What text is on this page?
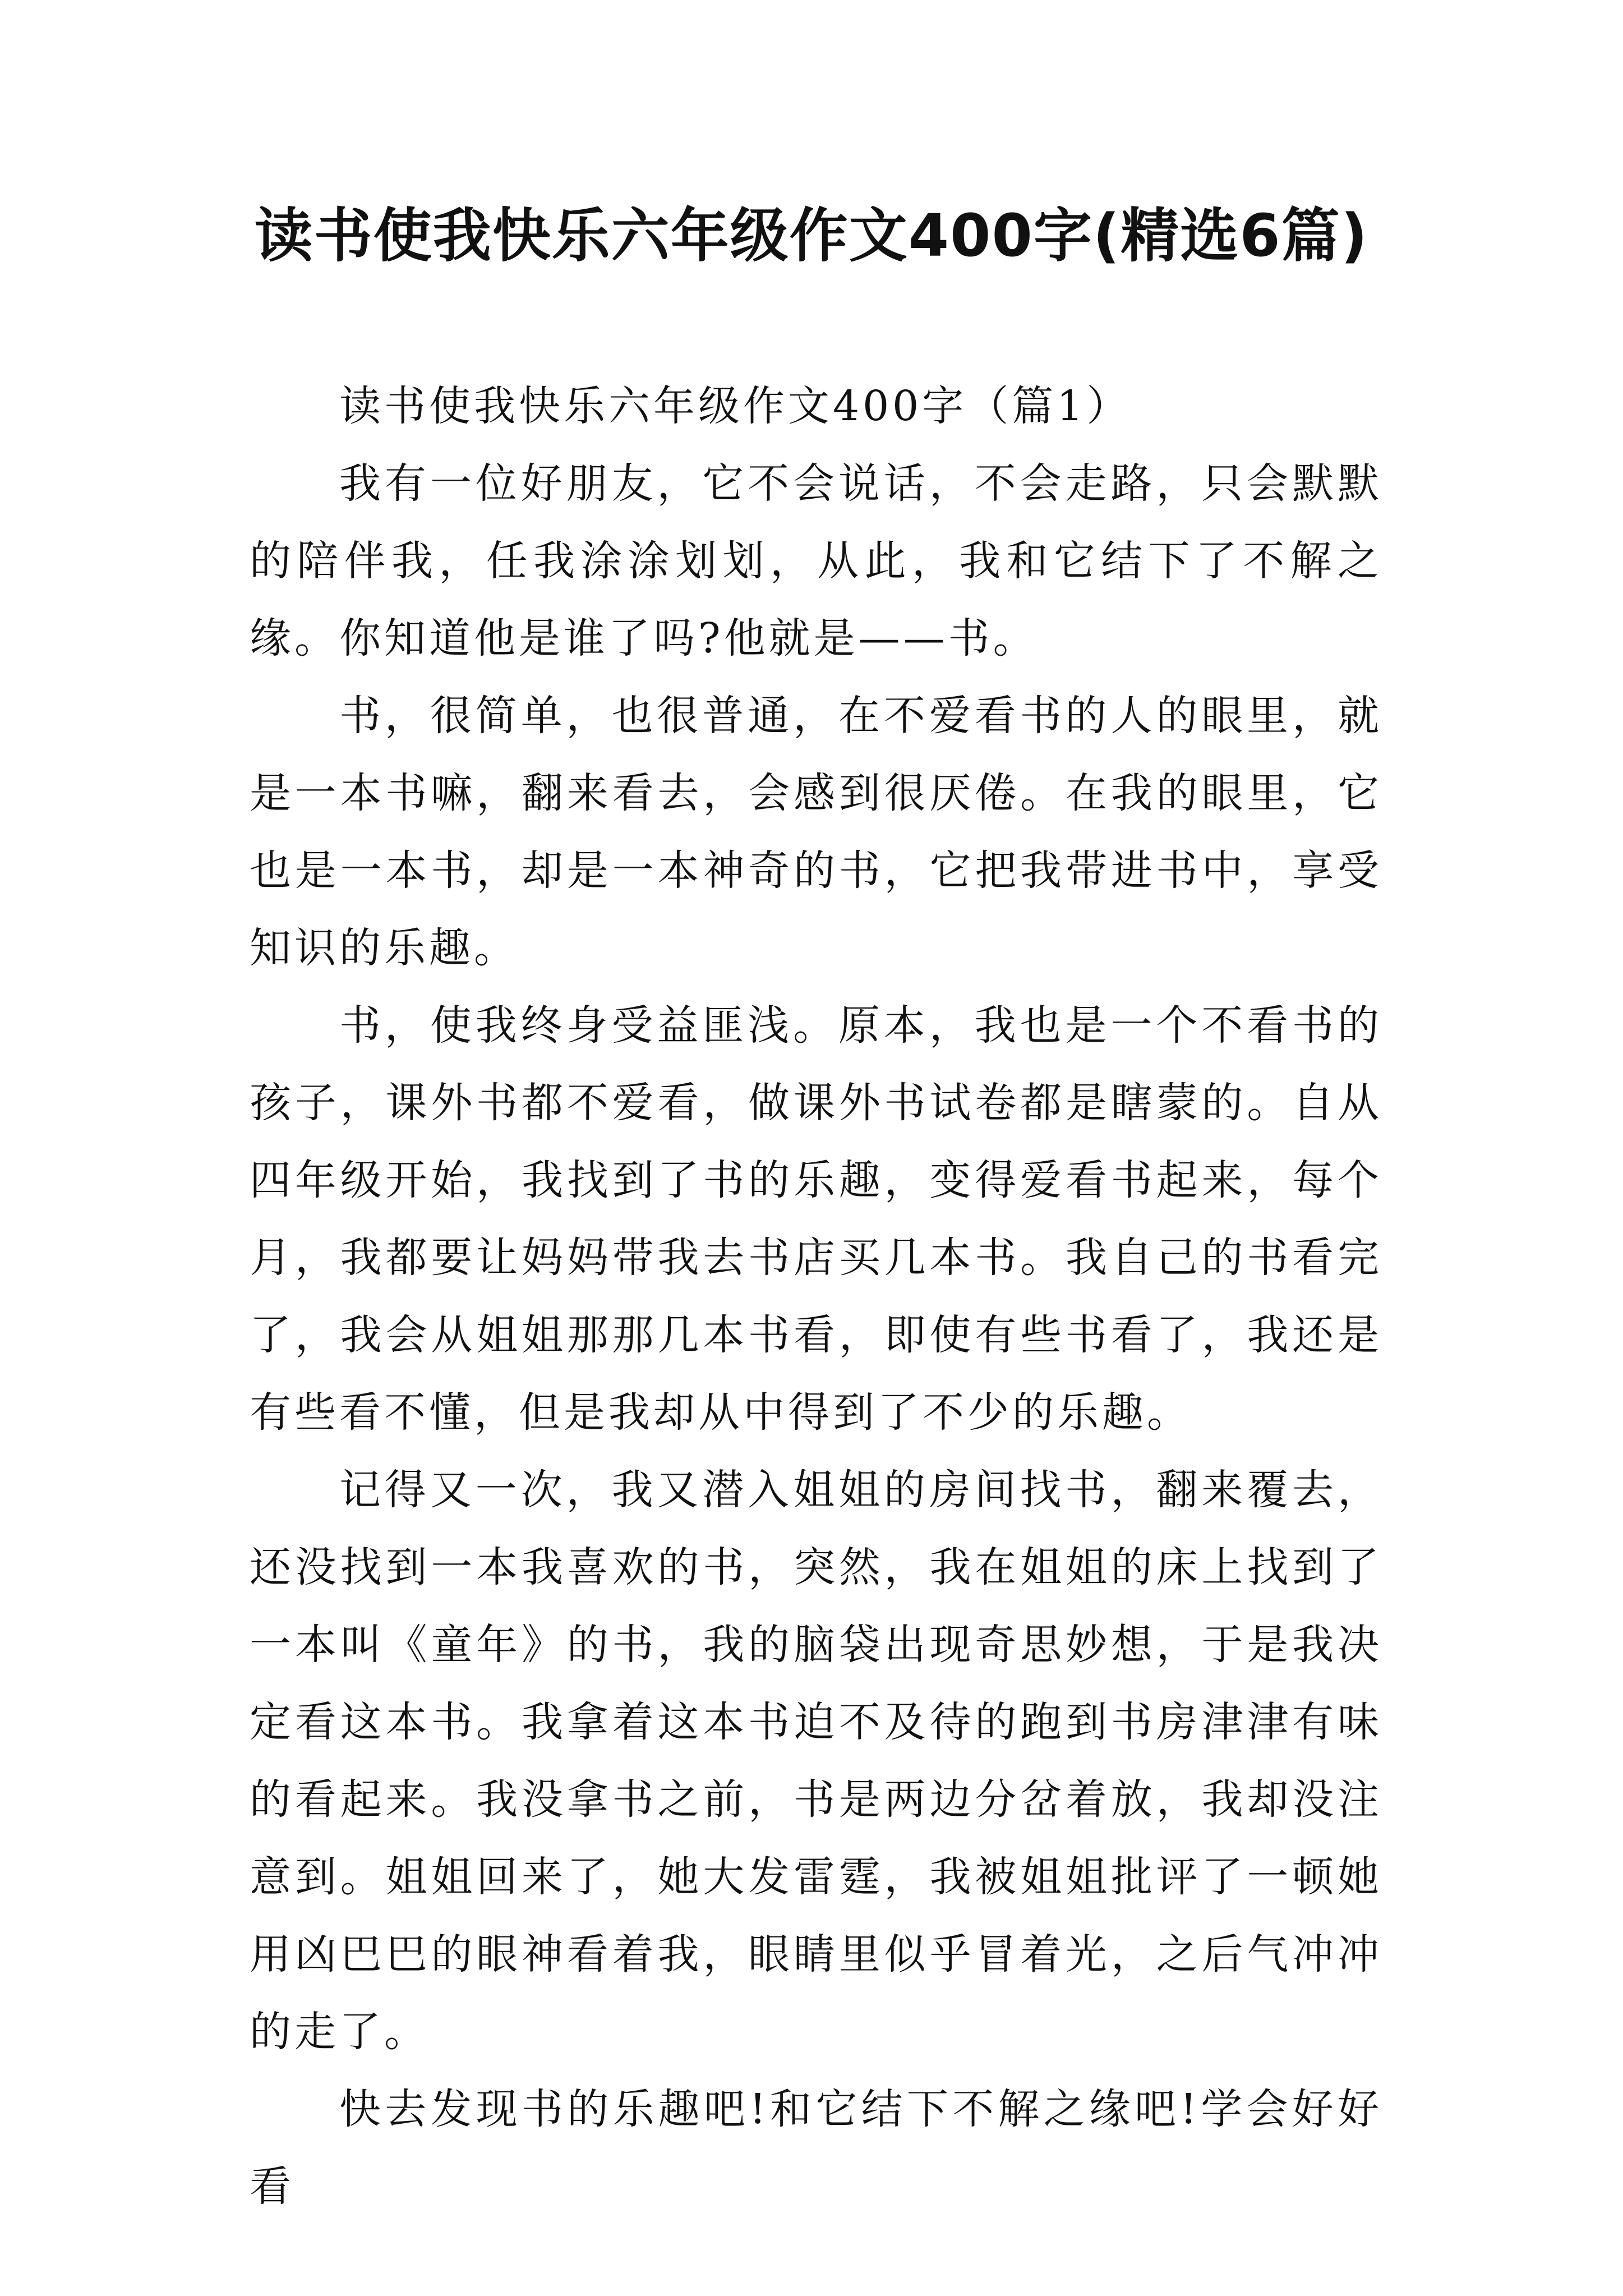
读书使我快乐六年级作文400字(精选6篇)

读书使我快乐六年级作文400字（篇1）

我有一位好朋友，它不会说话，不会走路，只会默默的陪伴我，任我涂涂划划，从此，我和它结下了不解之缘。你知道他是谁了吗?他就是——书。

书，很简单，也很普通，在不爱看书的人的眼里，就是一本书嘛，翻来看去，会感到很厌倦。在我的眼里，它也是一本书，却是一本神奇的书，它把我带进书中，享受知识的乐趣。

书，使我终身受益匪浅。原本，我也是一个不看书的孩子，课外书都不爱看，做课外书试卷都是瞎蒙的。自从四年级开始，我找到了书的乐趣，变得爱看书起来，每个月，我都要让妈妈带我去书店买几本书。我自己的书看完了，我会从姐姐那那几本书看，即使有些书看了，我还是有些看不懂，但是我却从中得到了不少的乐趣。

记得又一次，我又潜入姐姐的房间找书，翻来覆去，还没找到一本我喜欢的书，突然，我在姐姐的床上找到了一本叫《童年》的书，我的脑袋出现奇思妙想，于是我决定看这本书。我拿着这本书迫不及待的跑到书房津津有味的看起来。我没拿书之前，书是两边分岔着放，我却没注意到。姐姐回来了，她大发雷霆，我被姐姐批评了一顿她用凶巴巴的眼神看着我，眼睛里似乎冒着光，之后气冲冲的走了。

快去发现书的乐趣吧!和它结下不解之缘吧!学会好好看
